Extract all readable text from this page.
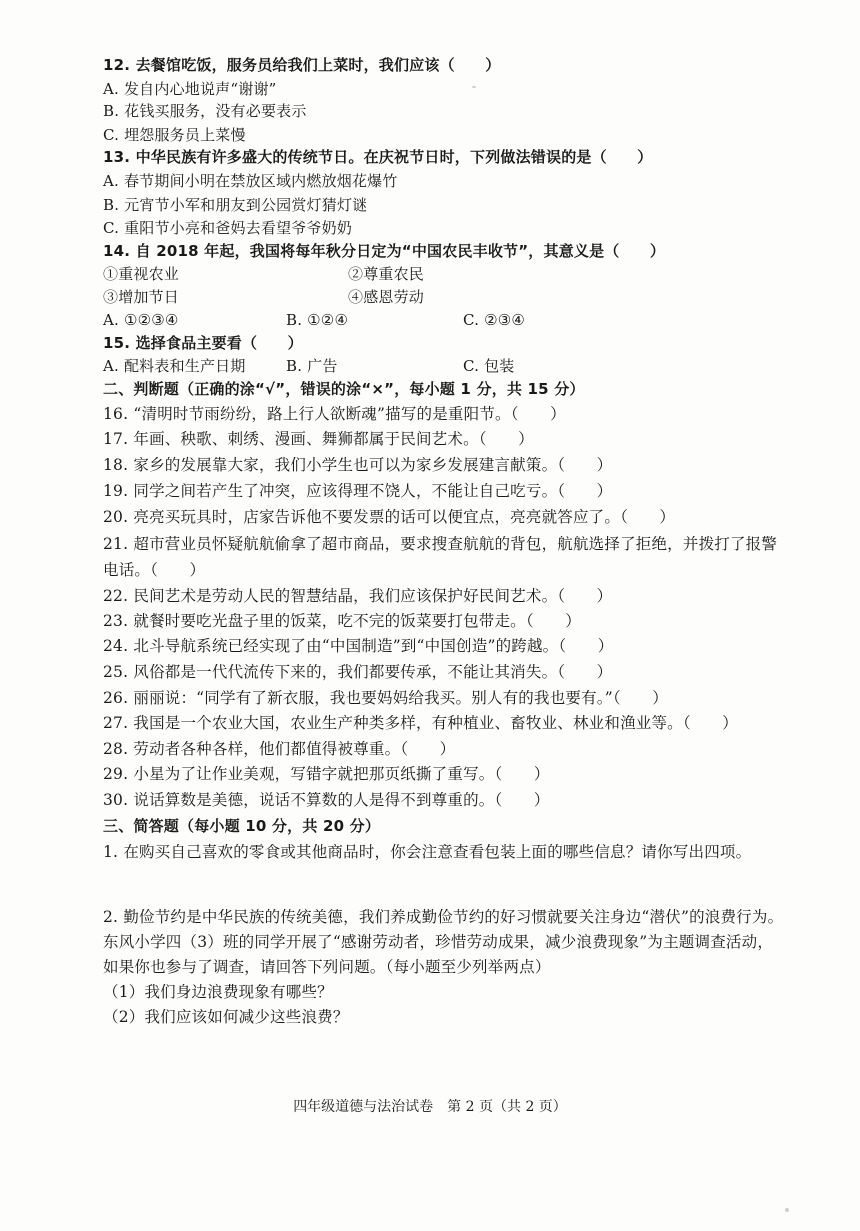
12. 去餐馆吃饭，服务员给我们上菜时，我们应该（　　）
A. 发自内心地说声“谢谢”
B. 花钱买服务，没有必要表示
C. 埋怨服务员上菜慢
13. 中华民族有许多盛大的传统节日。在庆祝节日时，下列做法错误的是（　　）
A. 春节期间小明在禁放区域内燃放烟花爆竹
B. 元宵节小军和朋友到公园赏灯猜灯谜
C. 重阳节小亮和爸妈去看望爷爷奶奶
14. 自 2018 年起，我国将每年秋分日定为“中国农民丰收节”，其意义是（　　）
①重视农业	②尊重农民
③增加节日	④感恩劳动
A. ①②③④	B. ①②④	C. ②③④
15. 选择食品主要看（　　）
A. 配料表和生产日期	B. 广告	C. 包装
二、判断题（正确的涂“√”，错误的涂“×”，每小题 1 分，共 15 分）
16. “清明时节雨纷纷，路上行人欲断魂”描写的是重阳节。（　　）
17. 年画、秧歌、刺绣、漫画、舞狮都属于民间艺术。（　　）
18. 家乡的发展靠大家，我们小学生也可以为家乡发展建言献策。（　　）
19. 同学之间若产生了冲突，应该得理不饶人，不能让自己吃亏。（　　）
20. 亮亮买玩具时，店家告诉他不要发票的话可以便宜点，亮亮就答应了。（　　）
21. 超市营业员怀疑航航偷拿了超市商品，要求搜查航航的背包，航航选择了拒绝，并拨打了报警
电话。（　　）
22. 民间艺术是劳动人民的智慧结晶，我们应该保护好民间艺术。（　　）
23. 就餐时要吃光盘子里的饭菜，吃不完的饭菜要打包带走。（　　）
24. 北斗导航系统已经实现了由“中国制造”到“中国创造”的跨越。（　　）
25. 风俗都是一代代流传下来的，我们都要传承，不能让其消失。（　　）
26. 丽丽说：“同学有了新衣服，我也要妈妈给我买。别人有的我也要有。”（　　）
27. 我国是一个农业大国，农业生产种类多样，有种植业、畜牧业、林业和渔业等。（　　）
28. 劳动者各种各样，他们都值得被尊重。（　　）
29. 小星为了让作业美观，写错字就把那页纸撕了重写。（　　）
30. 说话算数是美德，说话不算数的人是得不到尊重的。（　　）
三、简答题（每小题 10 分，共 20 分）
1. 在购买自己喜欢的零食或其他商品时，你会注意查看包装上面的哪些信息？请你写出四项。
2. 勤俭节约是中华民族的传统美德，我们养成勤俭节约的好习惯就要关注身边“潜伏”的浪费行为。
东风小学四（3）班的同学开展了“感谢劳动者，珍惜劳动成果，减少浪费现象”为主题调查活动，
如果你也参与了调查，请回答下列问题。（每小题至少列举两点）
（1）我们身边浪费现象有哪些？
（2）我们应该如何减少这些浪费？
四年级道德与法治试卷　第 2 页（共 2 页）
